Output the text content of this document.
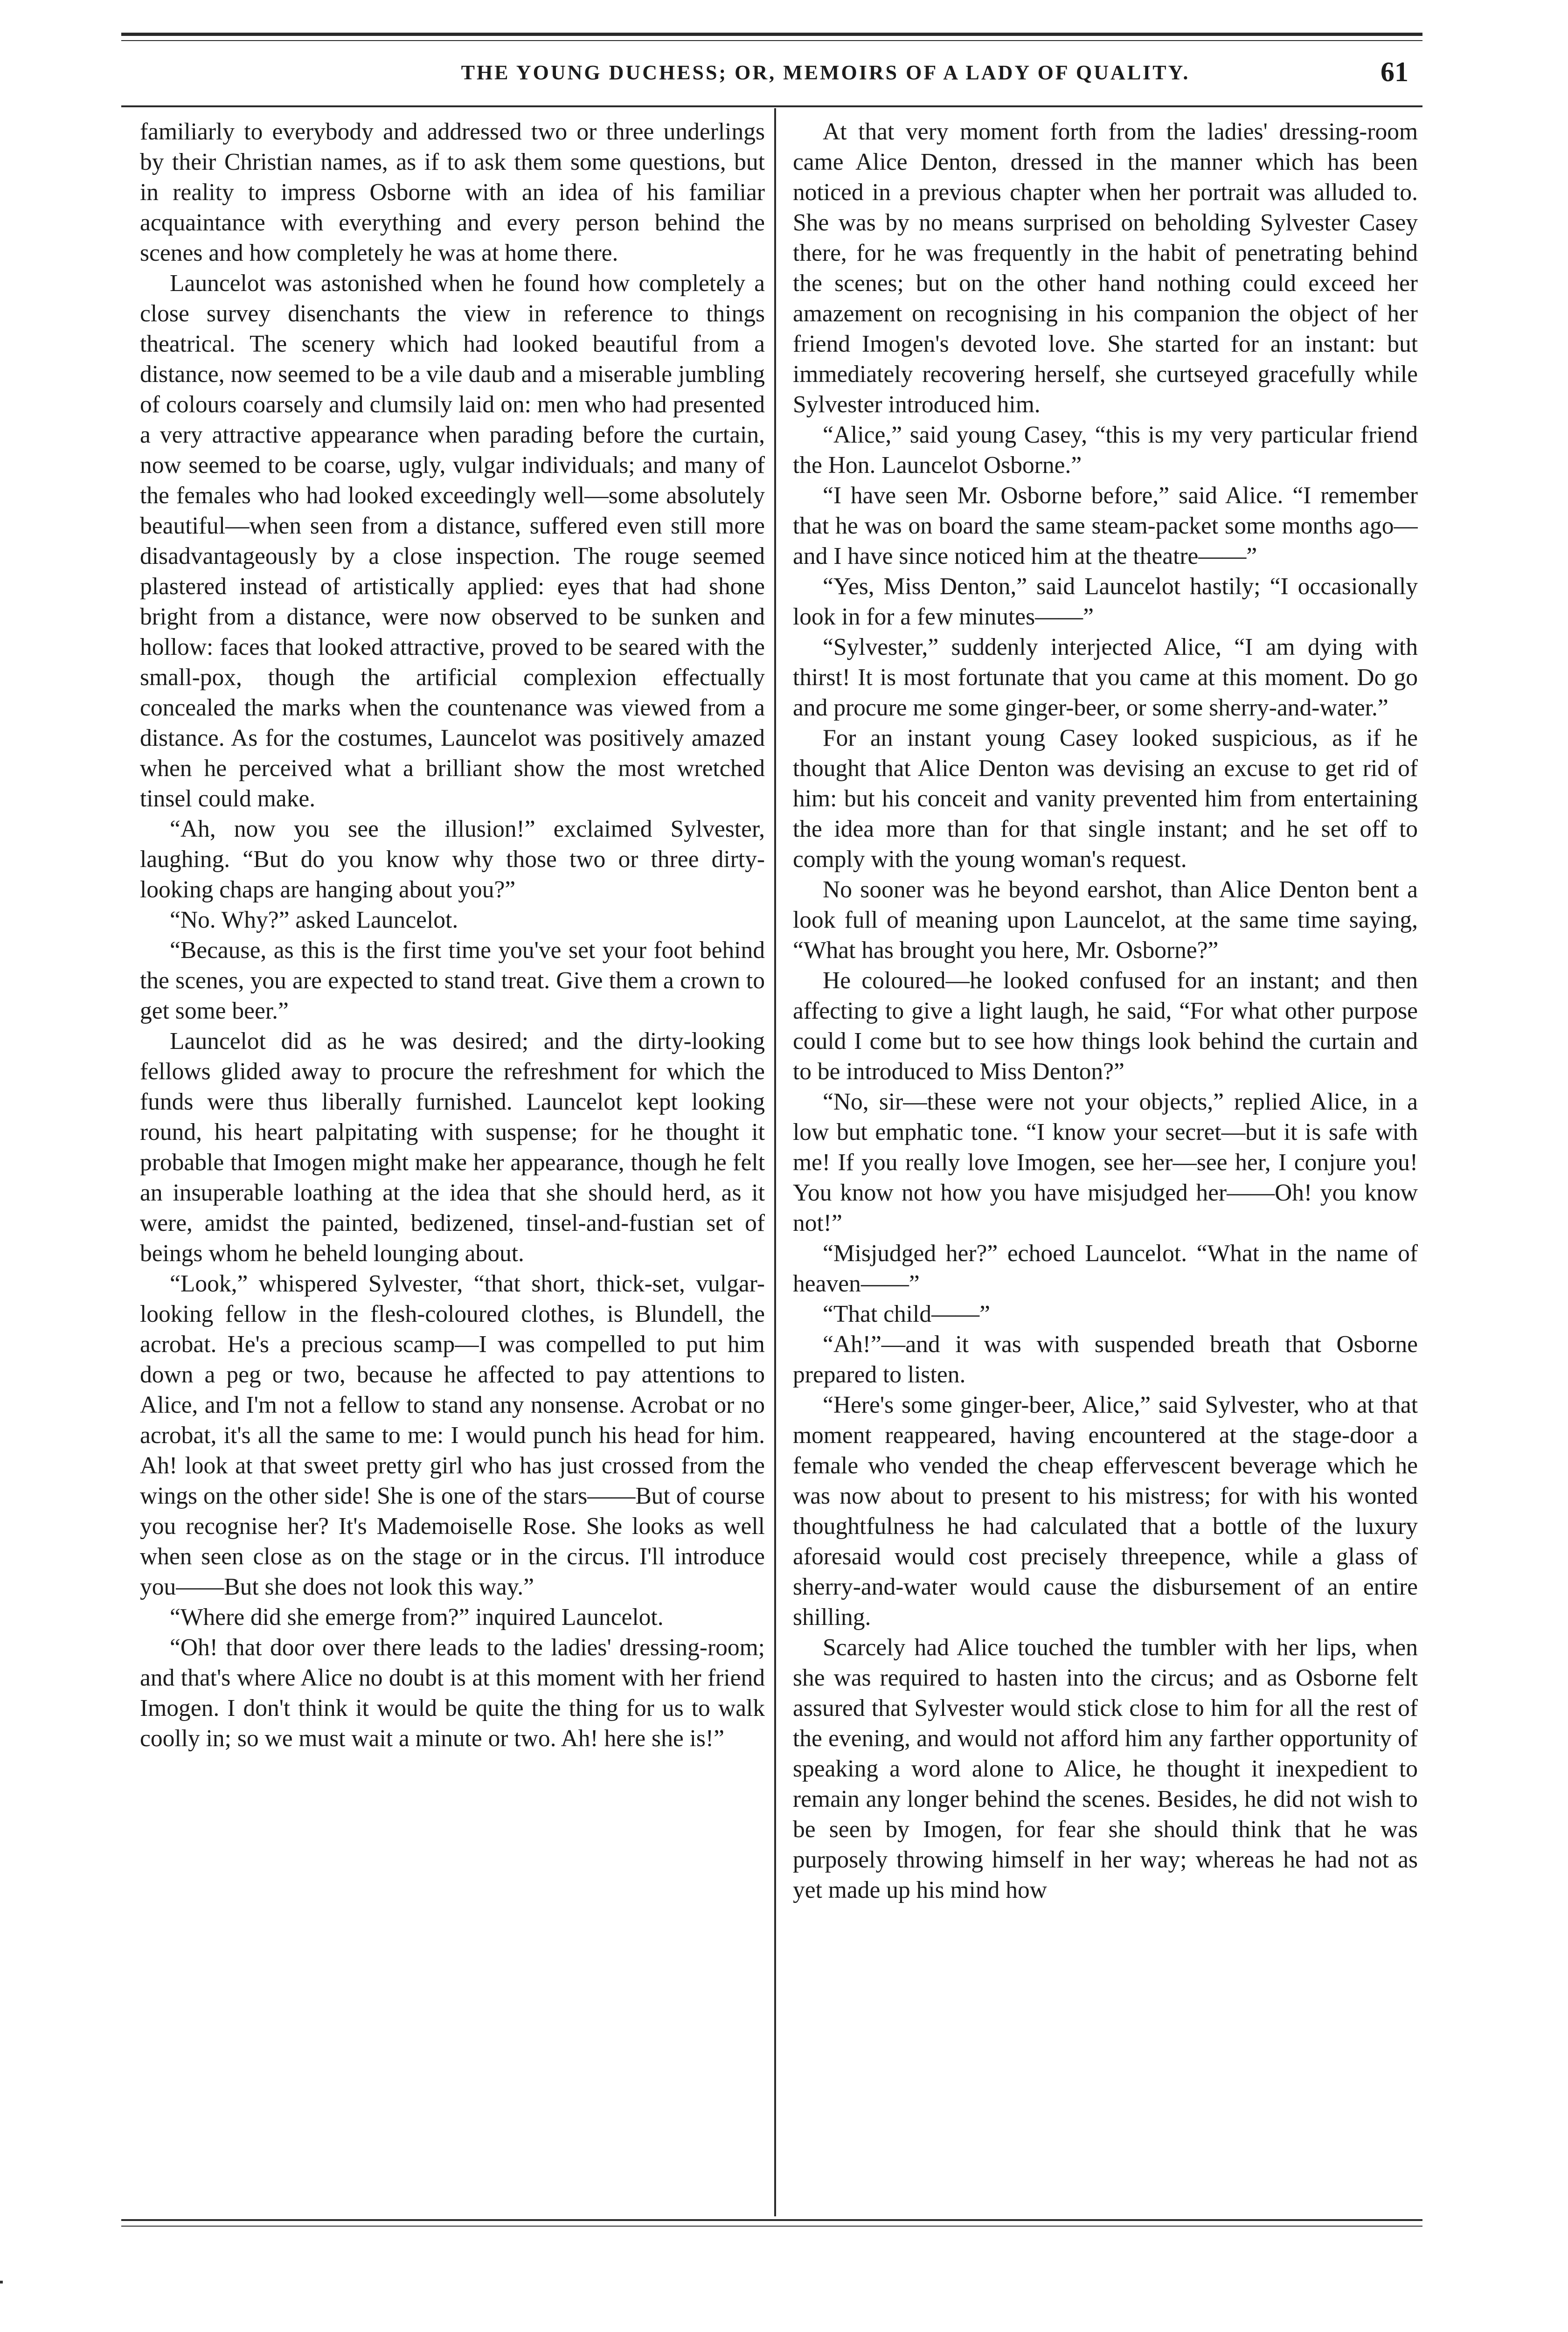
THE YOUNG DUCHESS; OR, MEMOIRS OF A LADY OF QUALITY.	61

familiarly to everybody and addressed two or three underlings by their Christian names, as if to ask them some questions, but in reality to impress Osborne with an idea of his familiar acquaintance with everything and every person behind the scenes and how completely he was at home there.

Launcelot was astonished when he found how completely a close survey disenchants the view in reference to things theatrical. The scenery which had looked beautiful from a distance, now seemed to be a vile daub and a miserable jumbling of colours coarsely and clumsily laid on: men who had presented a very attractive appearance when parading before the curtain, now seemed to be coarse, ugly, vulgar individuals; and many of the females who had looked exceedingly well—some absolutely beautiful—when seen from a distance, suffered even still more disadvantageously by a close inspection. The rouge seemed plastered instead of artistically applied: eyes that had shone bright from a distance, were now observed to be sunken and hollow: faces that looked attractive, proved to be seared with the small-pox, though the artificial complexion effectually concealed the marks when the countenance was viewed from a distance. As for the costumes, Launcelot was positively amazed when he perceived what a brilliant show the most wretched tinsel could make.

“Ah, now you see the illusion!” exclaimed Sylvester, laughing. “But do you know why those two or three dirty-looking chaps are hanging about you?”

“No. Why?” asked Launcelot.

“Because, as this is the first time you've set your foot behind the scenes, you are expected to stand treat. Give them a crown to get some beer.”

Launcelot did as he was desired; and the dirty-looking fellows glided away to procure the refreshment for which the funds were thus liberally furnished. Launcelot kept looking round, his heart palpitating with suspense; for he thought it probable that Imogen might make her appearance, though he felt an insuperable loathing at the idea that she should herd, as it were, amidst the painted, bedizened, tinsel-and-fustian set of beings whom he beheld lounging about.

“Look,” whispered Sylvester, “that short, thick-set, vulgar-looking fellow in the flesh-coloured clothes, is Blundell, the acrobat. He's a precious scamp—I was compelled to put him down a peg or two, because he affected to pay attentions to Alice, and I'm not a fellow to stand any nonsense. Acrobat or no acrobat, it's all the same to me: I would punch his head for him. Ah! look at that sweet pretty girl who has just crossed from the wings on the other side! She is one of the stars——But of course you recognise her? It's Mademoiselle Rose. She looks as well when seen close as on the stage or in the circus. I'll introduce you——But she does not look this way.”

“Where did she emerge from?” inquired Launcelot.

“Oh! that door over there leads to the ladies' dressing-room; and that's where Alice no doubt is at this moment with her friend Imogen. I don't think it would be quite the thing for us to walk coolly in; so we must wait a minute or two. Ah! here she is!”

At that very moment forth from the ladies' dressing-room came Alice Denton, dressed in the manner which has been noticed in a previous chapter when her portrait was alluded to. She was by no means surprised on beholding Sylvester Casey there, for he was frequently in the habit of penetrating behind the scenes; but on the other hand nothing could exceed her amazement on recognising in his companion the object of her friend Imogen's devoted love. She started for an instant: but immediately recovering herself, she curtseyed gracefully while Sylvester introduced him.

“Alice,” said young Casey, “this is my very particular friend the Hon. Launcelot Osborne.”

“I have seen Mr. Osborne before,” said Alice. “I remember that he was on board the same steam-packet some months ago—and I have since noticed him at the theatre——”

“Yes, Miss Denton,” said Launcelot hastily; “I occasionally look in for a few minutes——”

“Sylvester,” suddenly interjected Alice, “I am dying with thirst! It is most fortunate that you came at this moment. Do go and procure me some ginger-beer, or some sherry-and-water.”

For an instant young Casey looked suspicious, as if he thought that Alice Denton was devising an excuse to get rid of him: but his conceit and vanity prevented him from entertaining the idea more than for that single instant; and he set off to comply with the young woman's request.

No sooner was he beyond earshot, than Alice Denton bent a look full of meaning upon Launcelot, at the same time saying, “What has brought you here, Mr. Osborne?”

He coloured—he looked confused for an instant; and then affecting to give a light laugh, he said, “For what other purpose could I come but to see how things look behind the curtain and to be introduced to Miss Denton?”

“No, sir—these were not your objects,” replied Alice, in a low but emphatic tone. “I know your secret—but it is safe with me! If you really love Imogen, see her—see her, I conjure you! You know not how you have misjudged her——Oh! you know not!”

“Misjudged her?” echoed Launcelot. “What in the name of heaven——”

“That child——”

“Ah!”—and it was with suspended breath that Osborne prepared to listen.

“Here's some ginger-beer, Alice,” said Sylvester, who at that moment reappeared, having encountered at the stage-door a female who vended the cheap effervescent beverage which he was now about to present to his mistress; for with his wonted thoughtfulness he had calculated that a bottle of the luxury aforesaid would cost precisely threepence, while a glass of sherry-and-water would cause the disbursement of an entire shilling.

Scarcely had Alice touched the tumbler with her lips, when she was required to hasten into the circus; and as Osborne felt assured that Sylvester would stick close to him for all the rest of the evening, and would not afford him any farther opportunity of speaking a word alone to Alice, he thought it inexpedient to remain any longer behind the scenes. Besides, he did not wish to be seen by Imogen, for fear she should think that he was purposely throwing himself in her way; whereas he had not as yet made up his mind how
